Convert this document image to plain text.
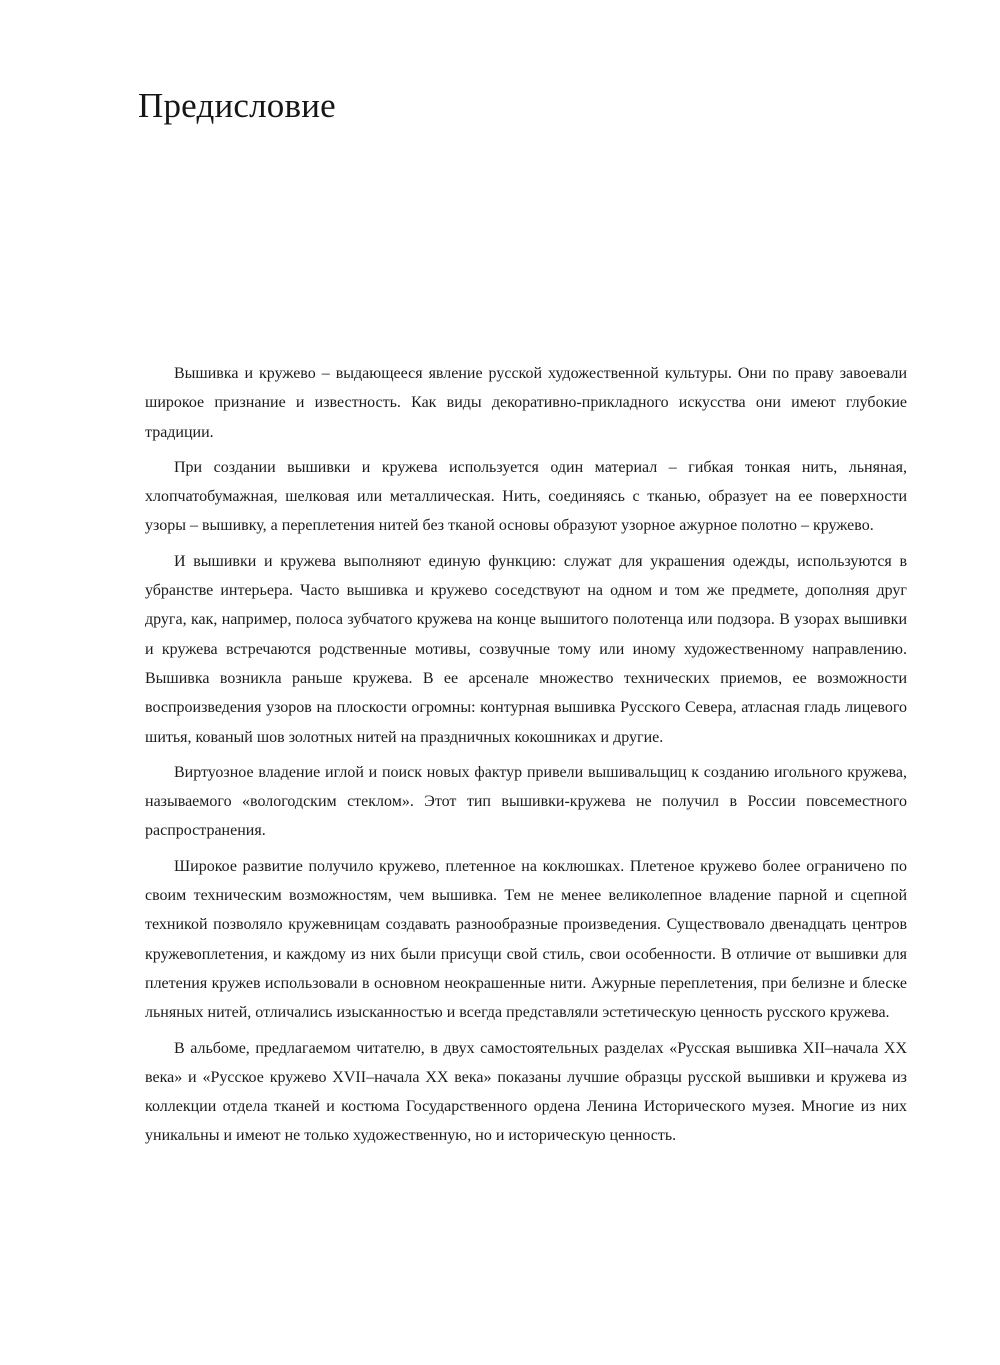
Предисловие

Вышивка и кружево – выдающееся явление русской художественной культуры. Они по праву завоевали широкое признание и известность. Как виды декоративно-прикладного искусства они имеют глубокие традиции.

При создании вышивки и кружева используется один материал – гибкая тонкая нить, льняная, хлопчатобумажная, шелковая или металлическая. Нить, соединяясь с тканью, образует на ее поверхности узоры – вышивку, а переплетения нитей без тканой основы образуют узорное ажурное полотно – кружево.

И вышивки и кружева выполняют единую функцию: служат для украшения одежды, используются в убранстве интерьера. Часто вышивка и кружево соседствуют на одном и том же предмете, дополняя друг друга, как, например, полоса зубчатого кружева на конце вышитого полотенца или подзора. В узорах вышивки и кружева встречаются родственные мотивы, созвучные тому или иному художественному направлению. Вышивка возникла раньше кружева. В ее арсенале множество технических приемов, ее возможности воспроизведения узоров на плоскости огромны: контурная вышивка Русского Севера, атласная гладь лицевого шитья, кованый шов золотных нитей на праздничных кокошниках и другие.

Виртуозное владение иглой и поиск новых фактур привели вышивальщиц к созданию игольного кружева, называемого «вологодским стеклом». Этот тип вышивки-кружева не получил в России повсеместного распространения.

Широкое развитие получило кружево, плетенное на коклюшках. Плетеное кружево более ограничено по своим техническим возможностям, чем вышивка. Тем не менее великолепное владение парной и сцепной техникой позволяло кружевницам создавать разнообразные произведения. Существовало двенадцать центров кружевоплетения, и каждому из них были присущи свой стиль, свои особенности. В отличие от вышивки для плетения кружев использовали в основном неокрашенные нити. Ажурные переплетения, при белизне и блеске льняных нитей, отличались изысканностью и всегда представляли эстетическую ценность русского кружева.

В альбоме, предлагаемом читателю, в двух самостоятельных разделах «Русская вышивка XII–начала XX века» и «Русское кружево XVII–начала XX века» показаны лучшие образцы русской вышивки и кружева из коллекции отдела тканей и костюма Государственного ордена Ленина Исторического музея. Многие из них уникальны и имеют не только художественную, но и историческую ценность.
